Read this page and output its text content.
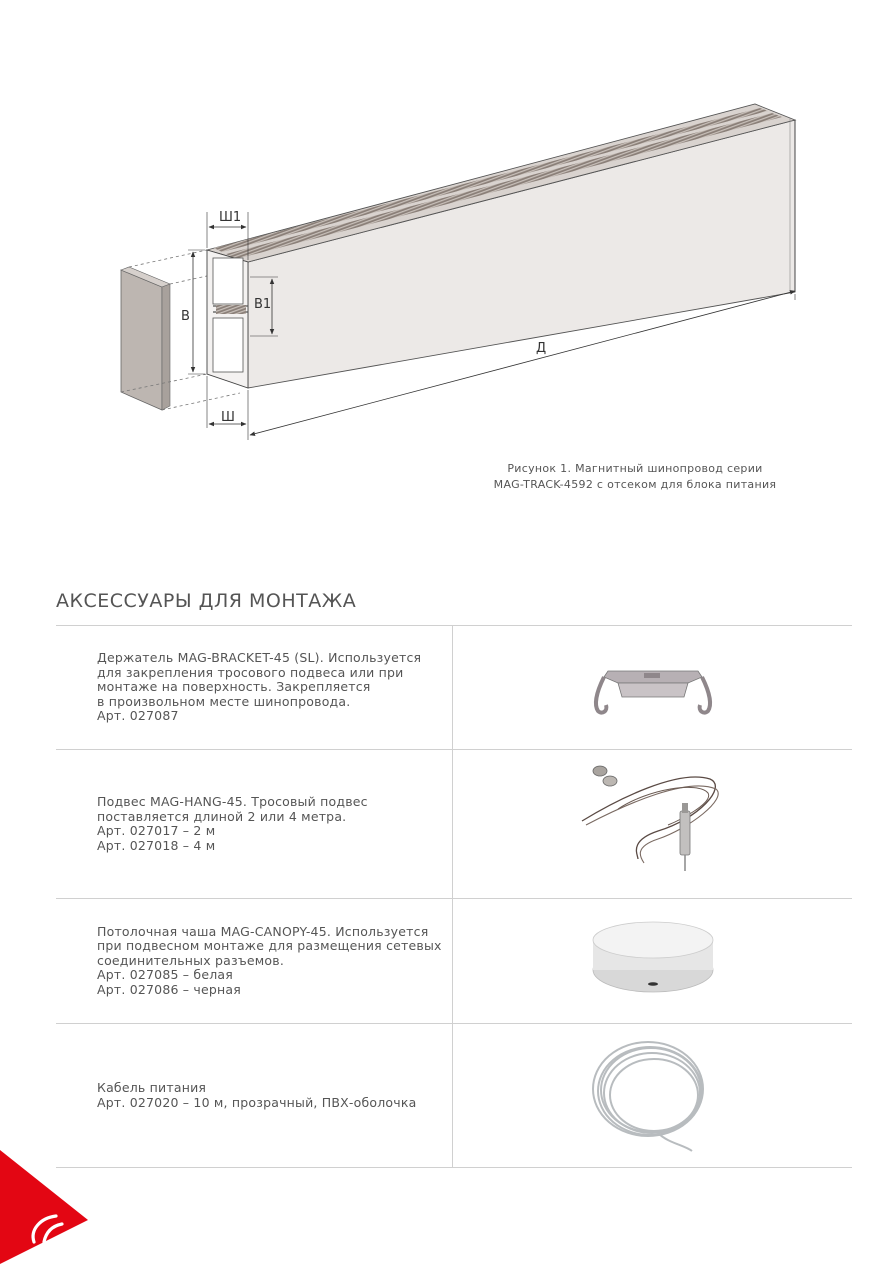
Ш1
В
В1
Д
Ш
Рисунок 1. Магнитный шинопровод серии
MAG-TRACK-4592 с отсеком для блока питания
АКСЕССУАРЫ ДЛЯ МОНТАЖА
Держатель MAG-BRACKET-45 (SL). Используется
для закрепления тросового подвеса или при
монтаже на поверхность. Закрепляется
в произвольном месте шинопровода.
Арт. 027087
Подвес MAG-HANG-45. Тросовый подвес
поставляется длиной 2 или 4 метра.
Арт. 027017 – 2 м
Арт. 027018 – 4 м
Потолочная чаша MAG-CANOPY-45. Используется
при подвесном монтаже для размещения сетевых
соединительных разъемов.
Арт. 027085 – белая
Арт. 027086 – черная
Кабель питания
Арт. 027020 – 10 м, прозрачный, ПВХ-оболочка
